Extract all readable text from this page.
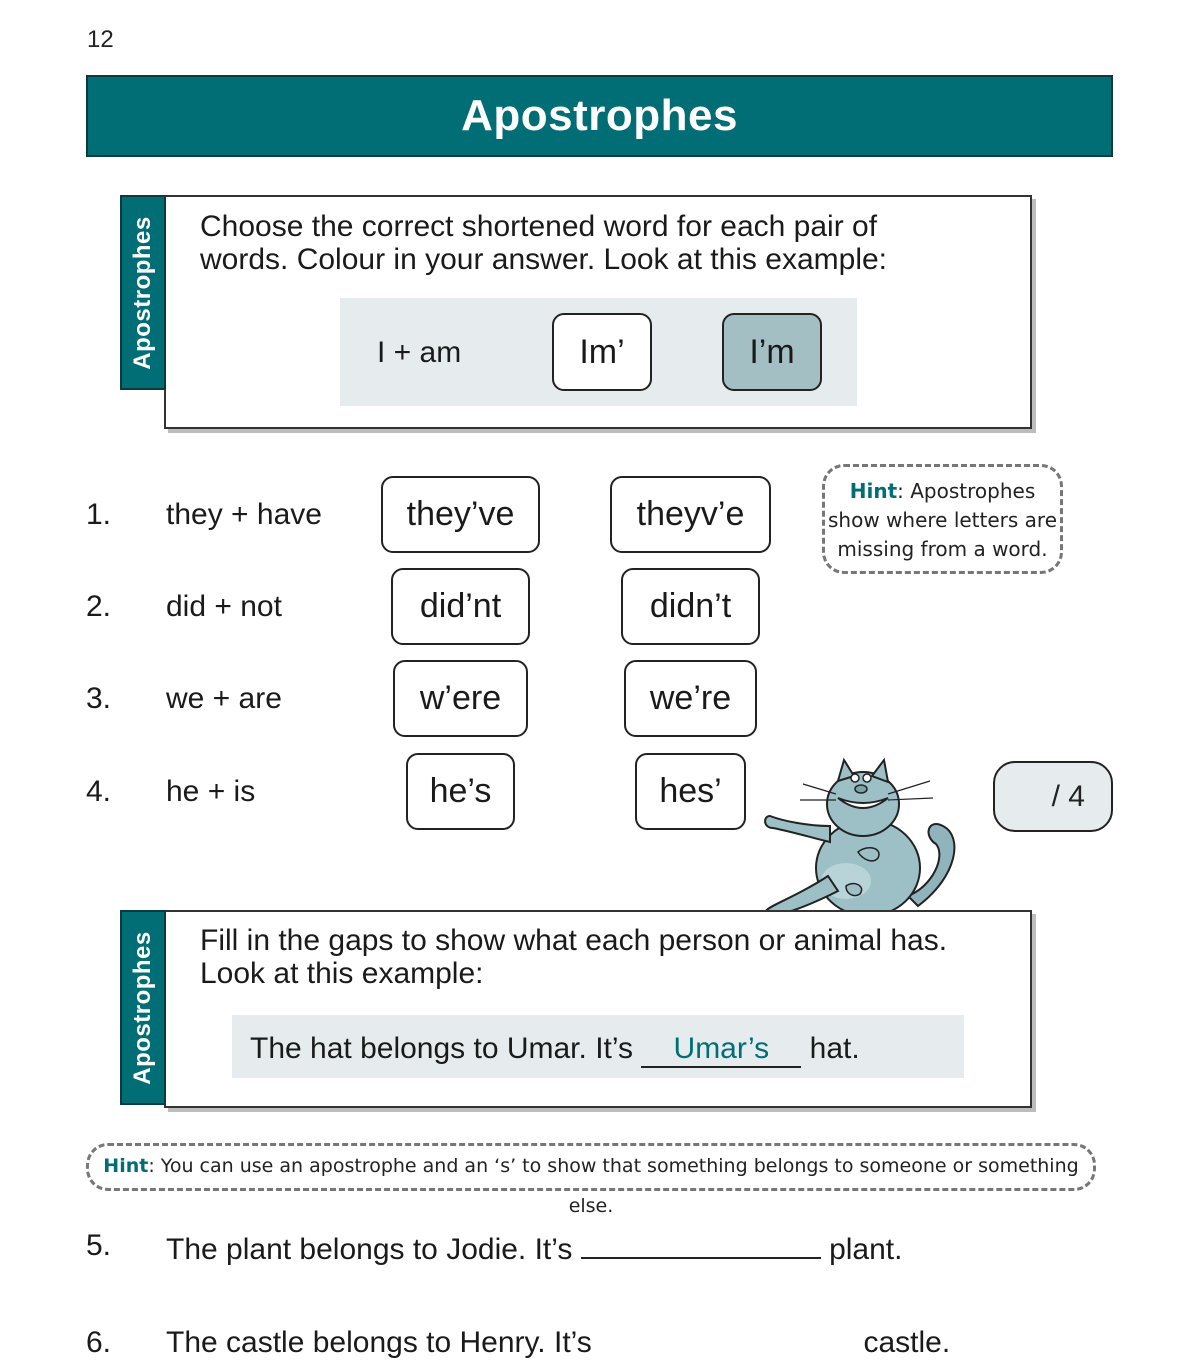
12
Apostrophes
Apostrophes Choose the correct shortened word for each pair of
words. Colour in your answer. Look at this example:
I + am	Im’	I’m
1. they + have	they’ve	theyv’e
2. did + not	did’nt	didn’t
3. we + are	w’ere	we’re
4. he + is	he’s	hes’
Hint: Apostrophes
show where letters are
missing from a word.
/ 4
Apostrophes Fill in the gaps to show what each person or animal has.
Look at this example:
The hat belongs to Umar. It’s Umar’s hat.
Hint: You can use an apostrophe and an ‘s’ to show that something belongs to someone or something else.
5. The plant belongs to Jodie. It’s	plant.
6. The castle belongs to Henry. It’s	castle.
